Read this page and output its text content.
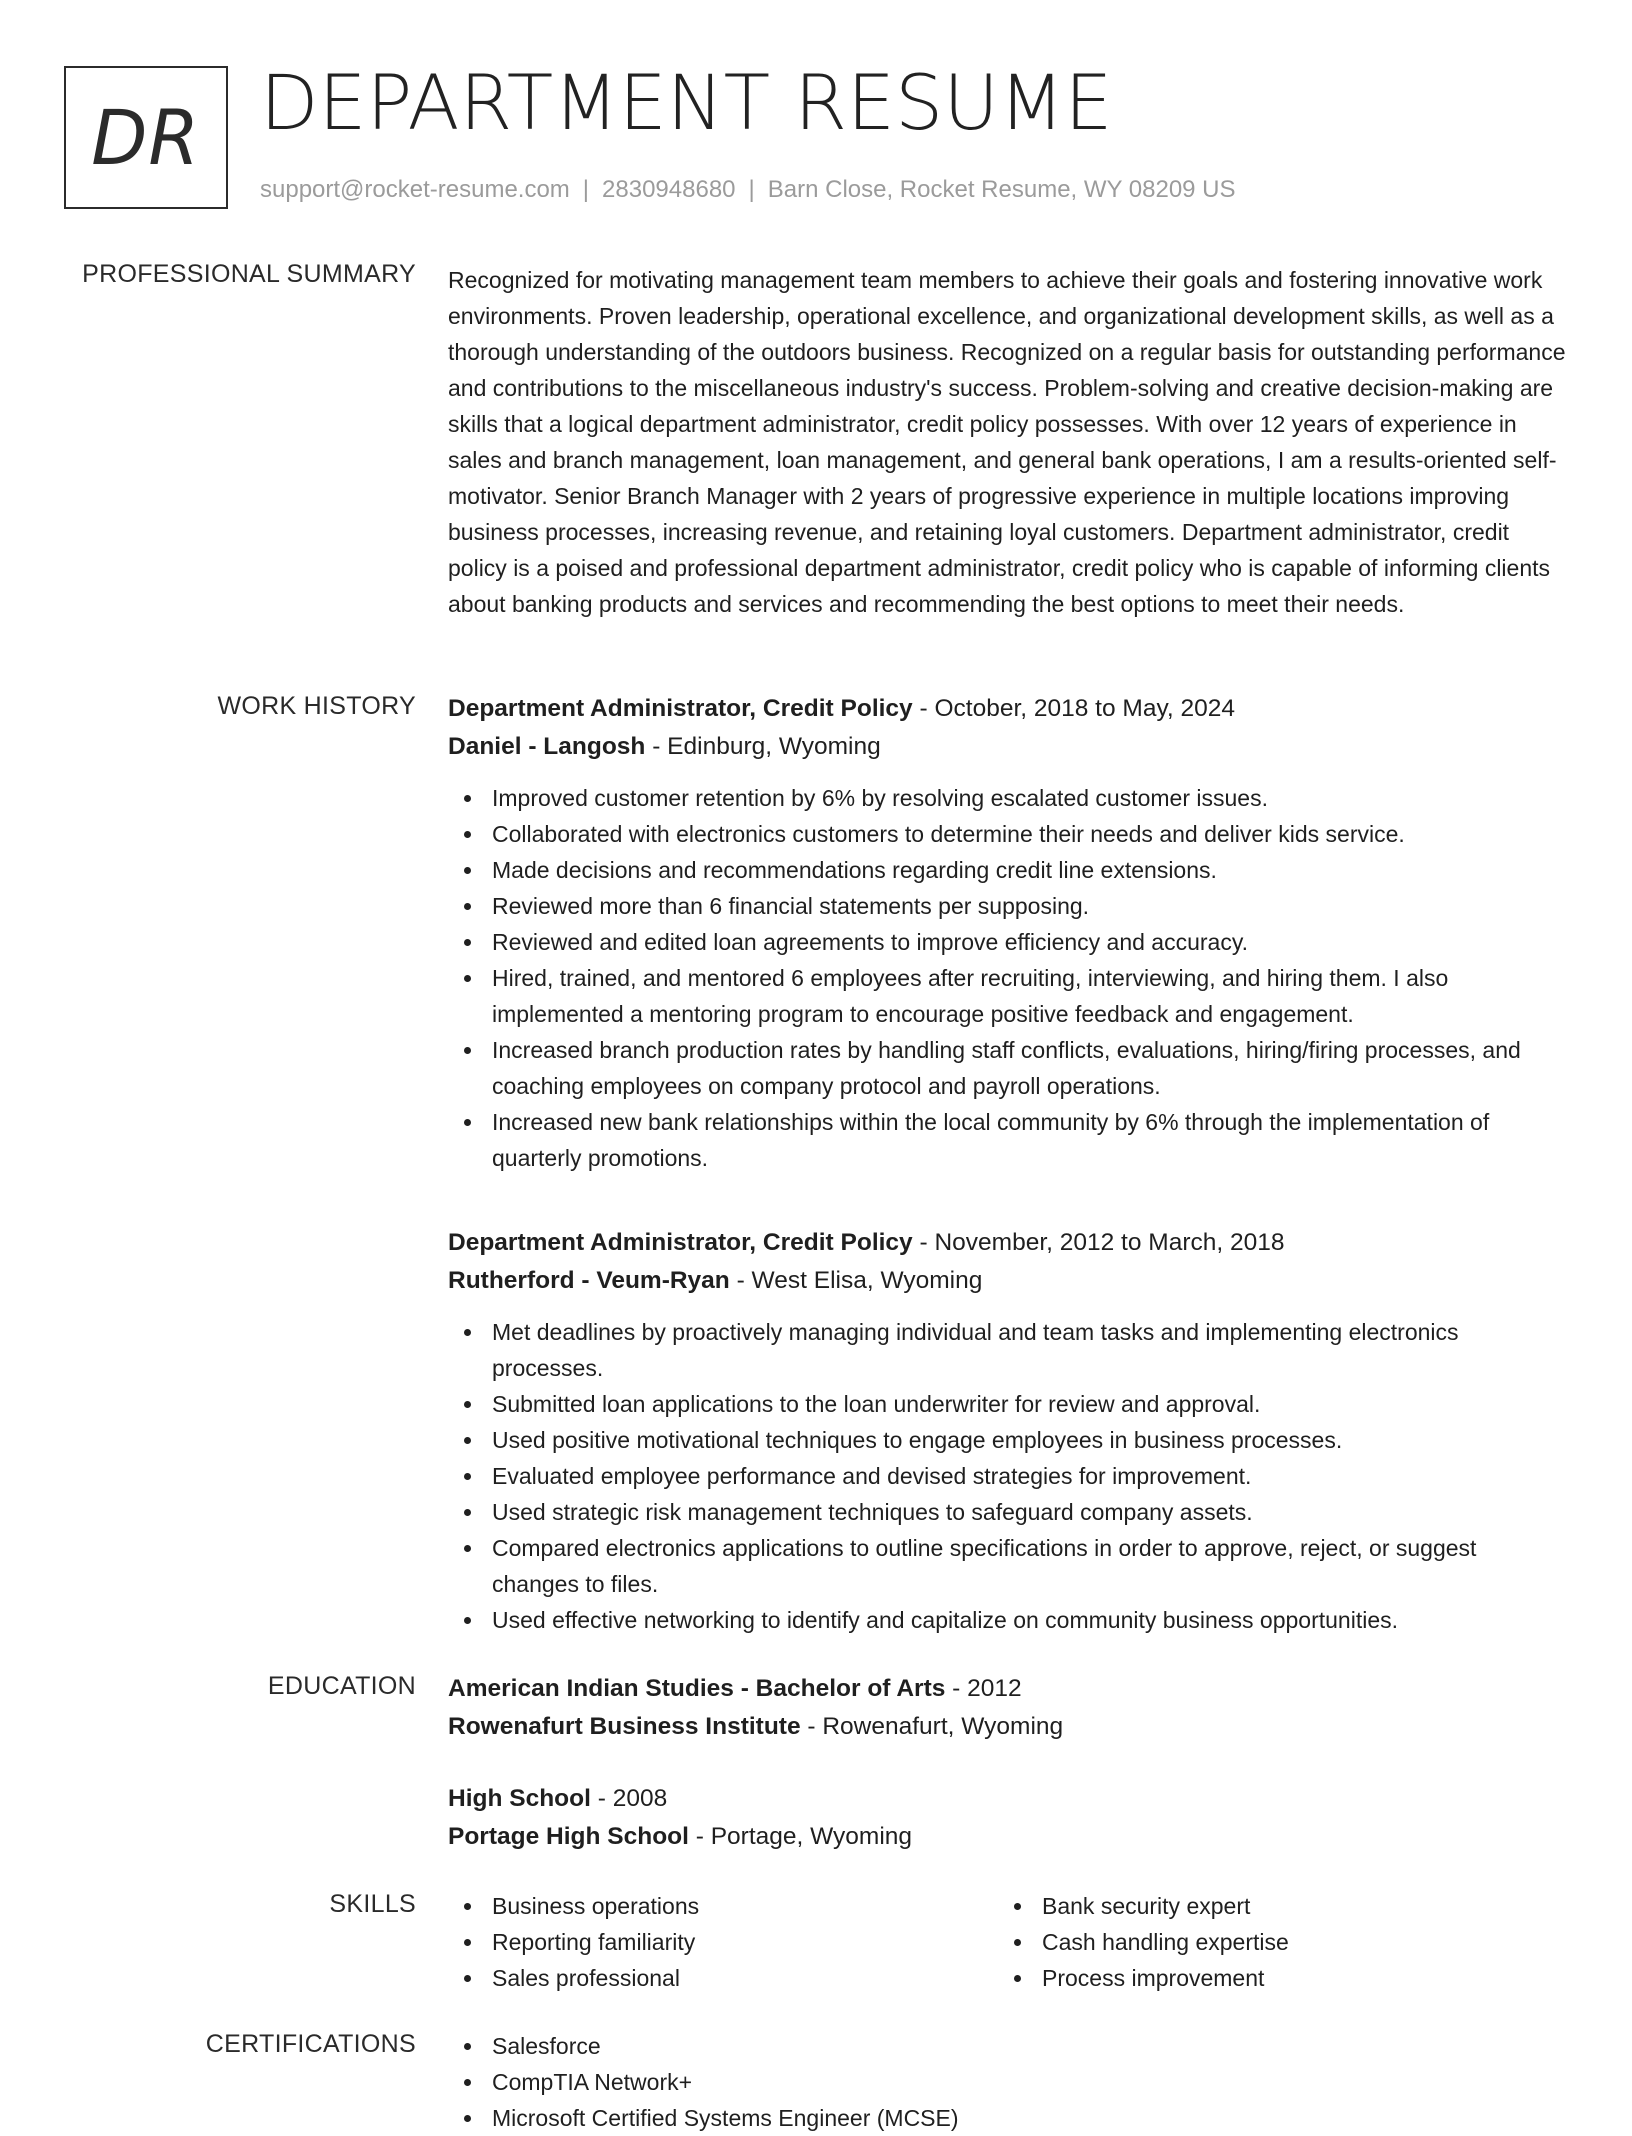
DR DEPARTMENT RESUME
support@rocket-resume.com | 2830948680 | Barn Close, Rocket Resume, WY 08209 US
PROFESSIONAL SUMMARY Recognized for motivating management team members to achieve their goals and fostering innovative work environments. Proven leadership, operational excellence, and organizational development skills, as well as a thorough understanding of the outdoors business. Recognized on a regular basis for outstanding performance and contributions to the miscellaneous industry's success. Problem-solving and creative decision-making are skills that a logical department administrator, credit policy possesses. With over 12 years of experience in sales and branch management, loan management, and general bank operations, I am a results-oriented self-motivator. Senior Branch Manager with 2 years of progressive experience in multiple locations improving business processes, increasing revenue, and retaining loyal customers. Department administrator, credit policy is a poised and professional department administrator, credit policy who is capable of informing clients about banking products and services and recommending the best options to meet their needs.
WORK HISTORY Department Administrator, Credit Policy - October, 2018 to May, 2024
Daniel - Langosh - Edinburg, Wyoming
Improved customer retention by 6% by resolving escalated customer issues.
Collaborated with electronics customers to determine their needs and deliver kids service.
Made decisions and recommendations regarding credit line extensions.
Reviewed more than 6 financial statements per supposing.
Reviewed and edited loan agreements to improve efficiency and accuracy.
Hired, trained, and mentored 6 employees after recruiting, interviewing, and hiring them. I also implemented a mentoring program to encourage positive feedback and engagement.
Increased branch production rates by handling staff conflicts, evaluations, hiring/firing processes, and coaching employees on company protocol and payroll operations.
Increased new bank relationships within the local community by 6% through the implementation of quarterly promotions.
Department Administrator, Credit Policy - November, 2012 to March, 2018
Rutherford - Veum-Ryan - West Elisa, Wyoming
Met deadlines by proactively managing individual and team tasks and implementing electronics processes.
Submitted loan applications to the loan underwriter for review and approval.
Used positive motivational techniques to engage employees in business processes.
Evaluated employee performance and devised strategies for improvement.
Used strategic risk management techniques to safeguard company assets.
Compared electronics applications to outline specifications in order to approve, reject, or suggest changes to files.
Used effective networking to identify and capitalize on community business opportunities.
EDUCATION American Indian Studies - Bachelor of Arts - 2012
Rowenafurt Business Institute - Rowenafurt, Wyoming
High School - 2008
Portage High School - Portage, Wyoming
SKILLS	Business operations
Reporting familiarity
Sales professional
Bank security expert
Cash handling expertise
Process improvement
CERTIFICATIONS	Salesforce
CompTIA Network+
Microsoft Certified Systems Engineer (MCSE)
